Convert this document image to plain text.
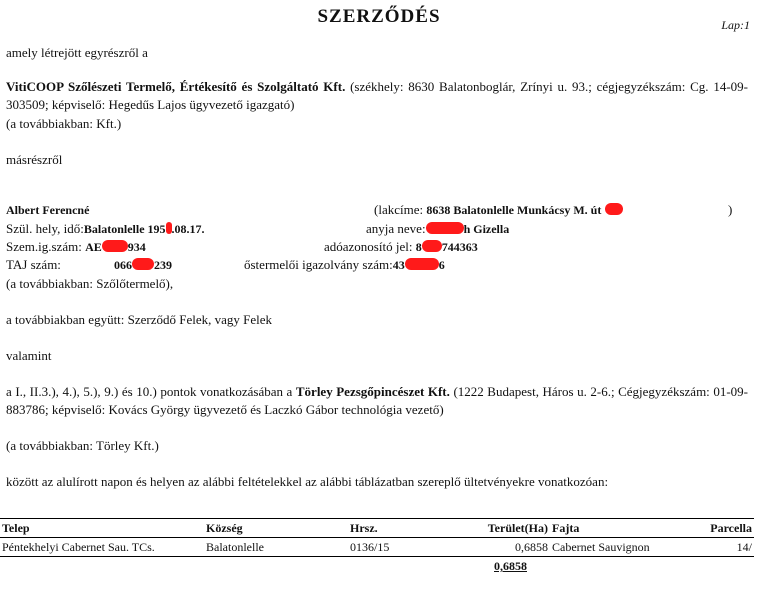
SZERZŐDÉS	Lap:1
amely létrejött egyrészről a
VitiCOOP Szőlészeti Termelő, Értékesítő és Szolgáltató Kft. (székhely: 8630 Balatonboglár, Zrínyi u. 93.; cégjegyzékszám: Cg. 14-09-303509; képviselő: Hegedűs Lajos ügyvezető igazgató)
(a továbbiakban: Kft.)
másrészről
Albert Ferencné	(lakcíme: 8638 Balatonlelle Munkácsy M. út	)
Szül. hely, idő:Balatonlelle 195 .08.17.	anyja neve:	h Gizella
Szem.ig.szám: AE 934	adóazonosító jel: 8 744363
TAJ szám:	066 239	őstermelői igazolvány szám:43	6
(a továbbiakban: Szőlőtermelő),
a továbbiakban együtt: Szerződő Felek, vagy Felek
valamint
a I., II.3.), 4.), 5.), 9.) és 10.) pontok vonatkozásában a Törley Pezsgőpincészet Kft. (1222 Budapest, Háros u. 2-6.; Cégjegyzékszám: 01-09-883786; képviselő: Kovács György ügyvezető és Laczkó Gábor technológia vezető)
(a továbbiakban: Törley Kft.)
között az alulírott napon és helyen az alábbi feltételekkel az alábbi táblázatban szereplő ültetvényekre vonatkozóan:
Telep	Község	Hrsz.	Terület(Ha)	Fajta	Parcella
Péntekhelyi Cabernet Sau. TCs.	Balatonlelle	0136/15	0,6858	Cabernet Sauvignon	14/
0,6858
